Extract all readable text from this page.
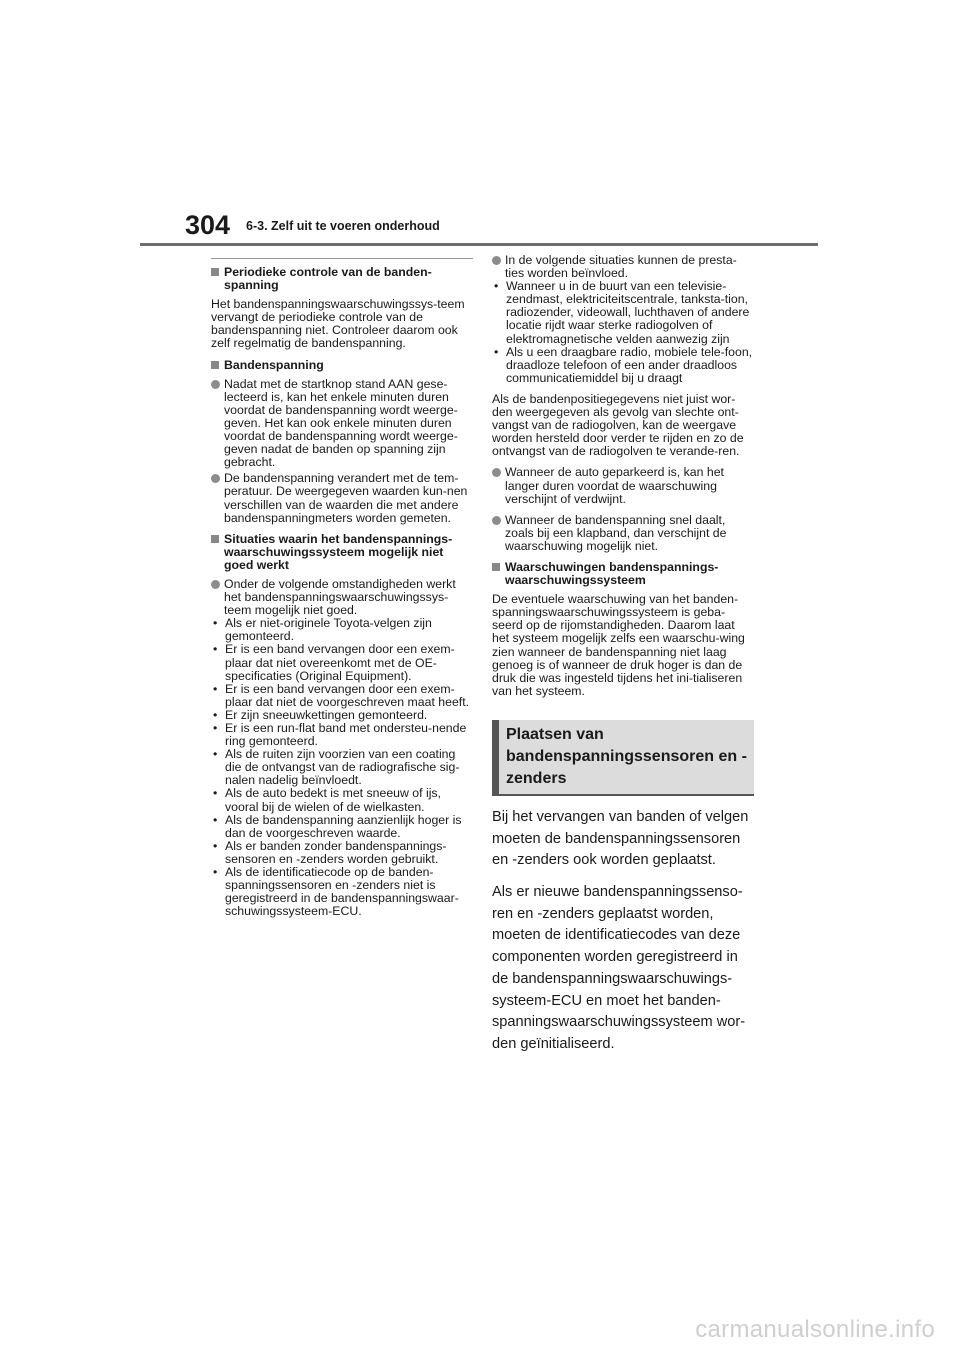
304 6-3. Zelf uit te voeren onderhoud
Periodieke controle van de banden-spanning
Het bandenspanningswaarschuwingssys-teem vervangt de periodieke controle van de bandenspanning niet. Controleer daarom ook zelf regelmatig de bandenspanning.
Bandenspanning
Nadat met de startknop stand AAN gese-lecteerd is, kan het enkele minuten duren voordat de bandenspanning wordt weerge-geven. Het kan ook enkele minuten duren voordat de bandenspanning wordt weerge-geven nadat de banden op spanning zijn gebracht.
De bandenspanning verandert met de tem-peratuur. De weergegeven waarden kun-nen verschillen van de waarden die met andere bandenspanningmeters worden gemeten.
Situaties waarin het bandenspannings-waarschuwingssysteem mogelijk niet goed werkt
Onder de volgende omstandigheden werkt het bandenspanningswaarschuwingssys-teem mogelijk niet goed.
• Als er niet-originele Toyota-velgen zijn gemonteerd.
• Er is een band vervangen door een exem-plaar dat niet overeenkomt met de OE-specificaties (Original Equipment).
• Er is een band vervangen door een exem-plaar dat niet de voorgeschreven maat heeft.
• Er zijn sneeuwkettingen gemonteerd.
• Er is een run-flat band met ondersteu-nende ring gemonteerd.
• Als de ruiten zijn voorzien van een coating die de ontvangst van de radiografische sig-nalen nadelig beïnvloedt.
• Als de auto bedekt is met sneeuw of ijs, vooral bij de wielen of de wielkasten.
• Als de bandenspanning aanzienlijk hoger is dan de voorgeschreven waarde.
• Als er banden zonder bandenspannings-sensoren en -zenders worden gebruikt.
• Als de identificatiecode op de banden-spanningssensoren en -zenders niet is geregistreerd in de bandenspanningswaar-schuwingssysteem-ECU.
In de volgende situaties kunnen de presta-ties worden beïnvloed.
• Wanneer u in de buurt van een televisie-zendmast, elektriciteitscentrale, tanksta-tion, radiozender, videowall, luchthaven of andere locatie rijdt waar sterke radiogolven of elektromagnetische velden aanwezig zijn
• Als u een draagbare radio, mobiele tele-foon, draadloze telefoon of een ander draadloos communicatiemiddel bij u draagt
Als de bandenpositiegegevens niet juist wor-den weergegeven als gevolg van slechte ont-vangst van de radiogolven, kan de weergave worden hersteld door verder te rijden en zo de ontvangst van de radiogolven te verande-ren.
Wanneer de auto geparkeerd is, kan het langer duren voordat de waarschuwing verschijnt of verdwijnt.
Wanneer de bandenspanning snel daalt, zoals bij een klapband, dan verschijnt de waarschuwing mogelijk niet.
Waarschuwingen bandenspannings-waarschuwingssysteem
De eventuele waarschuwing van het banden-spanningswaarschuwingssysteem is geba-seerd op de rijomstandigheden. Daarom laat het systeem mogelijk zelfs een waarschu-wing zien wanneer de bandenspanning niet laag genoeg is of wanneer de druk hoger is dan de druk die was ingesteld tijdens het ini-tialiseren van het systeem.
Plaatsen van bandenspanningssensoren en -zenders
Bij het vervangen van banden of velgen moeten de bandenspanningssensoren en -zenders ook worden geplaatst.
Als er nieuwe bandenspanningssenso-ren en -zenders geplaatst worden, moeten de identificatiecodes van deze componenten worden geregistreerd in de bandenspanningswaarschuwings-systeem-ECU en moet het banden-spanningswaarschuwingssysteem wor-den geïnitialiseerd.
carmanualsonline.info
